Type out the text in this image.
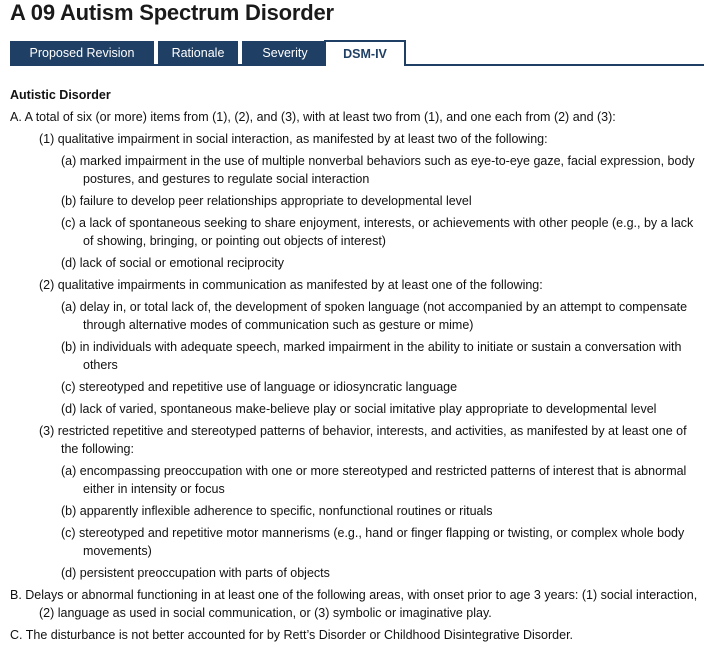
A 09 Autism Spectrum Disorder
Proposed Revision	Rationale	Severity	DSM-IV
Autistic Disorder
A. A total of six (or more) items from (1), (2), and (3), with at least two from (1), and one each from (2) and (3):
(1) qualitative impairment in social interaction, as manifested by at least two of the following:
(a) marked impairment in the use of multiple nonverbal behaviors such as eye-to-eye gaze, facial expression, body postures, and gestures to regulate social interaction
(b) failure to develop peer relationships appropriate to developmental level
(c) a lack of spontaneous seeking to share enjoyment, interests, or achievements with other people (e.g., by a lack of showing, bringing, or pointing out objects of interest)
(d) lack of social or emotional reciprocity
(2) qualitative impairments in communication as manifested by at least one of the following:
(a) delay in, or total lack of, the development of spoken language (not accompanied by an attempt to compensate through alternative modes of communication such as gesture or mime)
(b) in individuals with adequate speech, marked impairment in the ability to initiate or sustain a conversation with others
(c) stereotyped and repetitive use of language or idiosyncratic language
(d) lack of varied, spontaneous make-believe play or social imitative play appropriate to developmental level
(3) restricted repetitive and stereotyped patterns of behavior, interests, and activities, as manifested by at least one of the following:
(a) encompassing preoccupation with one or more stereotyped and restricted patterns of interest that is abnormal either in intensity or focus
(b) apparently inflexible adherence to specific, nonfunctional routines or rituals
(c) stereotyped and repetitive motor mannerisms (e.g., hand or finger flapping or twisting, or complex whole body movements)
(d) persistent preoccupation with parts of objects
B. Delays or abnormal functioning in at least one of the following areas, with onset prior to age 3 years: (1) social interaction, (2) language as used in social communication, or (3) symbolic or imaginative play.
C. The disturbance is not better accounted for by Rett’s Disorder or Childhood Disintegrative Disorder.
